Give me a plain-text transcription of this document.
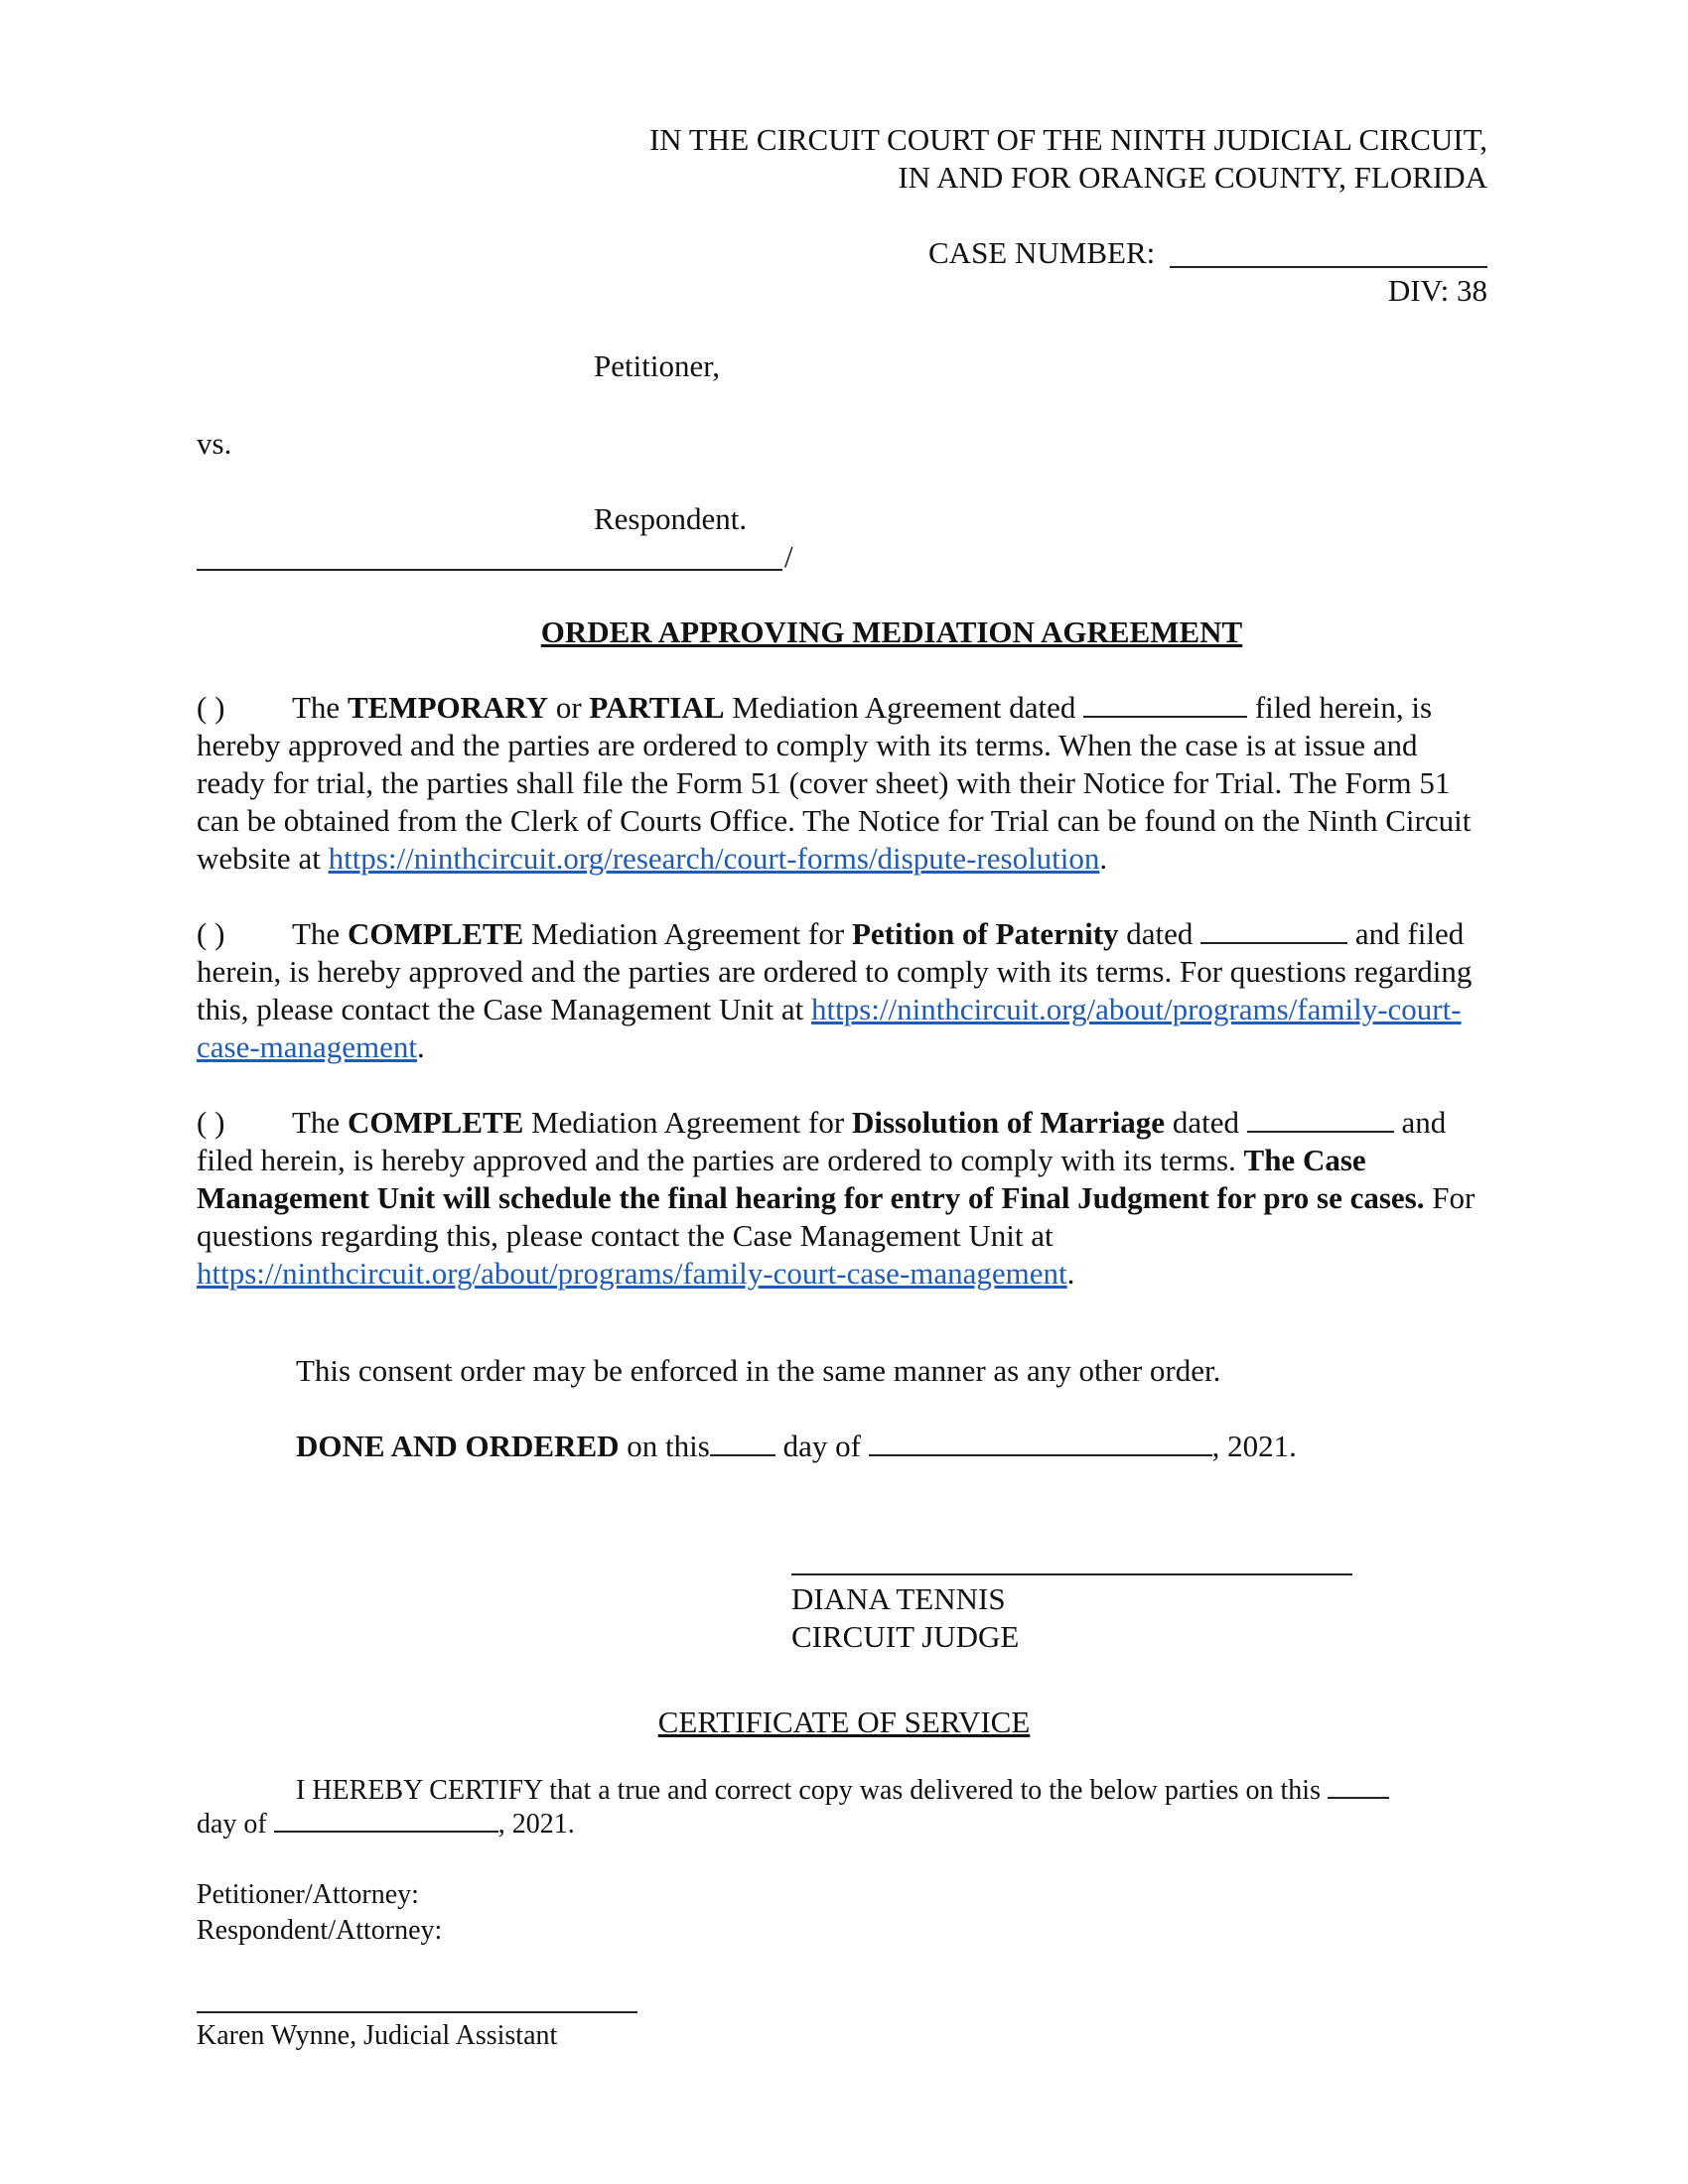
IN THE CIRCUIT COURT OF THE NINTH JUDICIAL CIRCUIT,
IN AND FOR ORANGE COUNTY, FLORIDA
CASE NUMBER:
DIV: 38
Petitioner,
vs.
Respondent.
/
ORDER APPROVING MEDIATION AGREEMENT

( ) The TEMPORARY or PARTIAL Mediation Agreement dated	filed herein, is hereby approved and the parties are ordered to comply with its terms. When the case is at issue and ready for trial, the parties shall file the Form 51 (cover sheet) with their Notice for Trial. The Form 51 can be obtained from the Clerk of Courts Office. The Notice for Trial can be found on the Ninth Circuit website at https://ninthcircuit.org/research/court-forms/dispute-resolution.

( ) The COMPLETE Mediation Agreement for Petition of Paternity dated	and filed herein, is hereby approved and the parties are ordered to comply with its terms. For questions regarding this, please contact the Case Management Unit at https://ninthcircuit.org/about/programs/family-court-case-management.

( ) The COMPLETE Mediation Agreement for Dissolution of Marriage dated	and filed herein, is hereby approved and the parties are ordered to comply with its terms. The Case Management Unit will schedule the final hearing for entry of Final Judgment for pro se cases. For questions regarding this, please contact the Case Management Unit at https://ninthcircuit.org/about/programs/family-court-case-management.

This consent order may be enforced in the same manner as any other order.
DONE AND ORDERED on this day of	, 2021.
DIANA TENNIS
CIRCUIT JUDGE
CERTIFICATE OF SERVICE
I HEREBY CERTIFY that a true and correct copy was delivered to the below parties on this
day of	, 2021.
Petitioner/Attorney:
Respondent/Attorney:
Karen Wynne, Judicial Assistant
